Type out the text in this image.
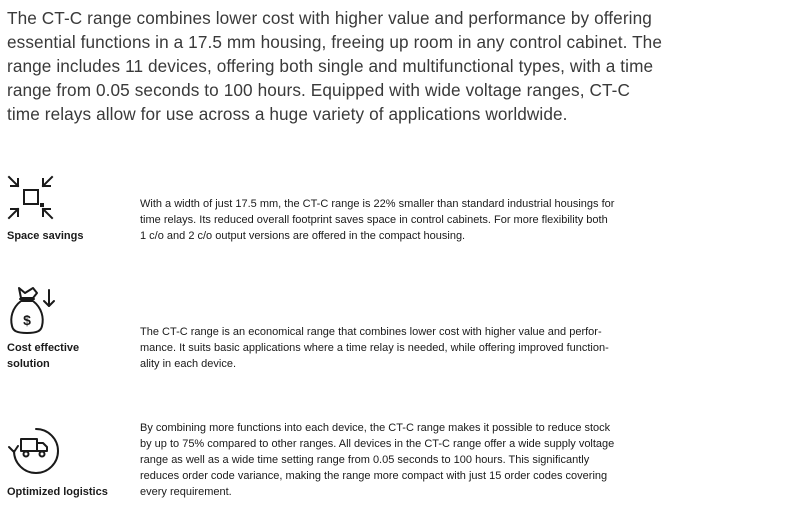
The CT-C range combines lower cost with higher value and performance by offering
essential functions in a 17.5 mm housing, freeing up room in any control cabinet. The
range includes 11 devices, offering both single and multifunctional types, with a time
range from 0.05 seconds to 100 hours. Equipped with wide voltage ranges, CT-C
time relays allow for use across a huge variety of applications worldwide.
Space savings
With a width of just 17.5 mm, the CT-C range is 22% smaller than standard industrial housings for
time relays. Its reduced overall footprint saves space in control cabinets. For more flexibility both
1 c/o and 2 c/o output versions are offered in the compact housing.
$
Cost effective
solution
The CT-C range is an economical range that combines lower cost with higher value and perfor-
mance. It suits basic applications where a time relay is needed, while offering improved function-
ality in each device.
Optimized logistics
By combining more functions into each device, the CT-C range makes it possible to reduce stock
by up to 75% compared to other ranges. All devices in the CT-C range offer a wide supply voltage
range as well as a wide time setting range from 0.05 seconds to 100 hours. This significantly
reduces order code variance, making the range more compact with just 15 order codes covering
every requirement.
